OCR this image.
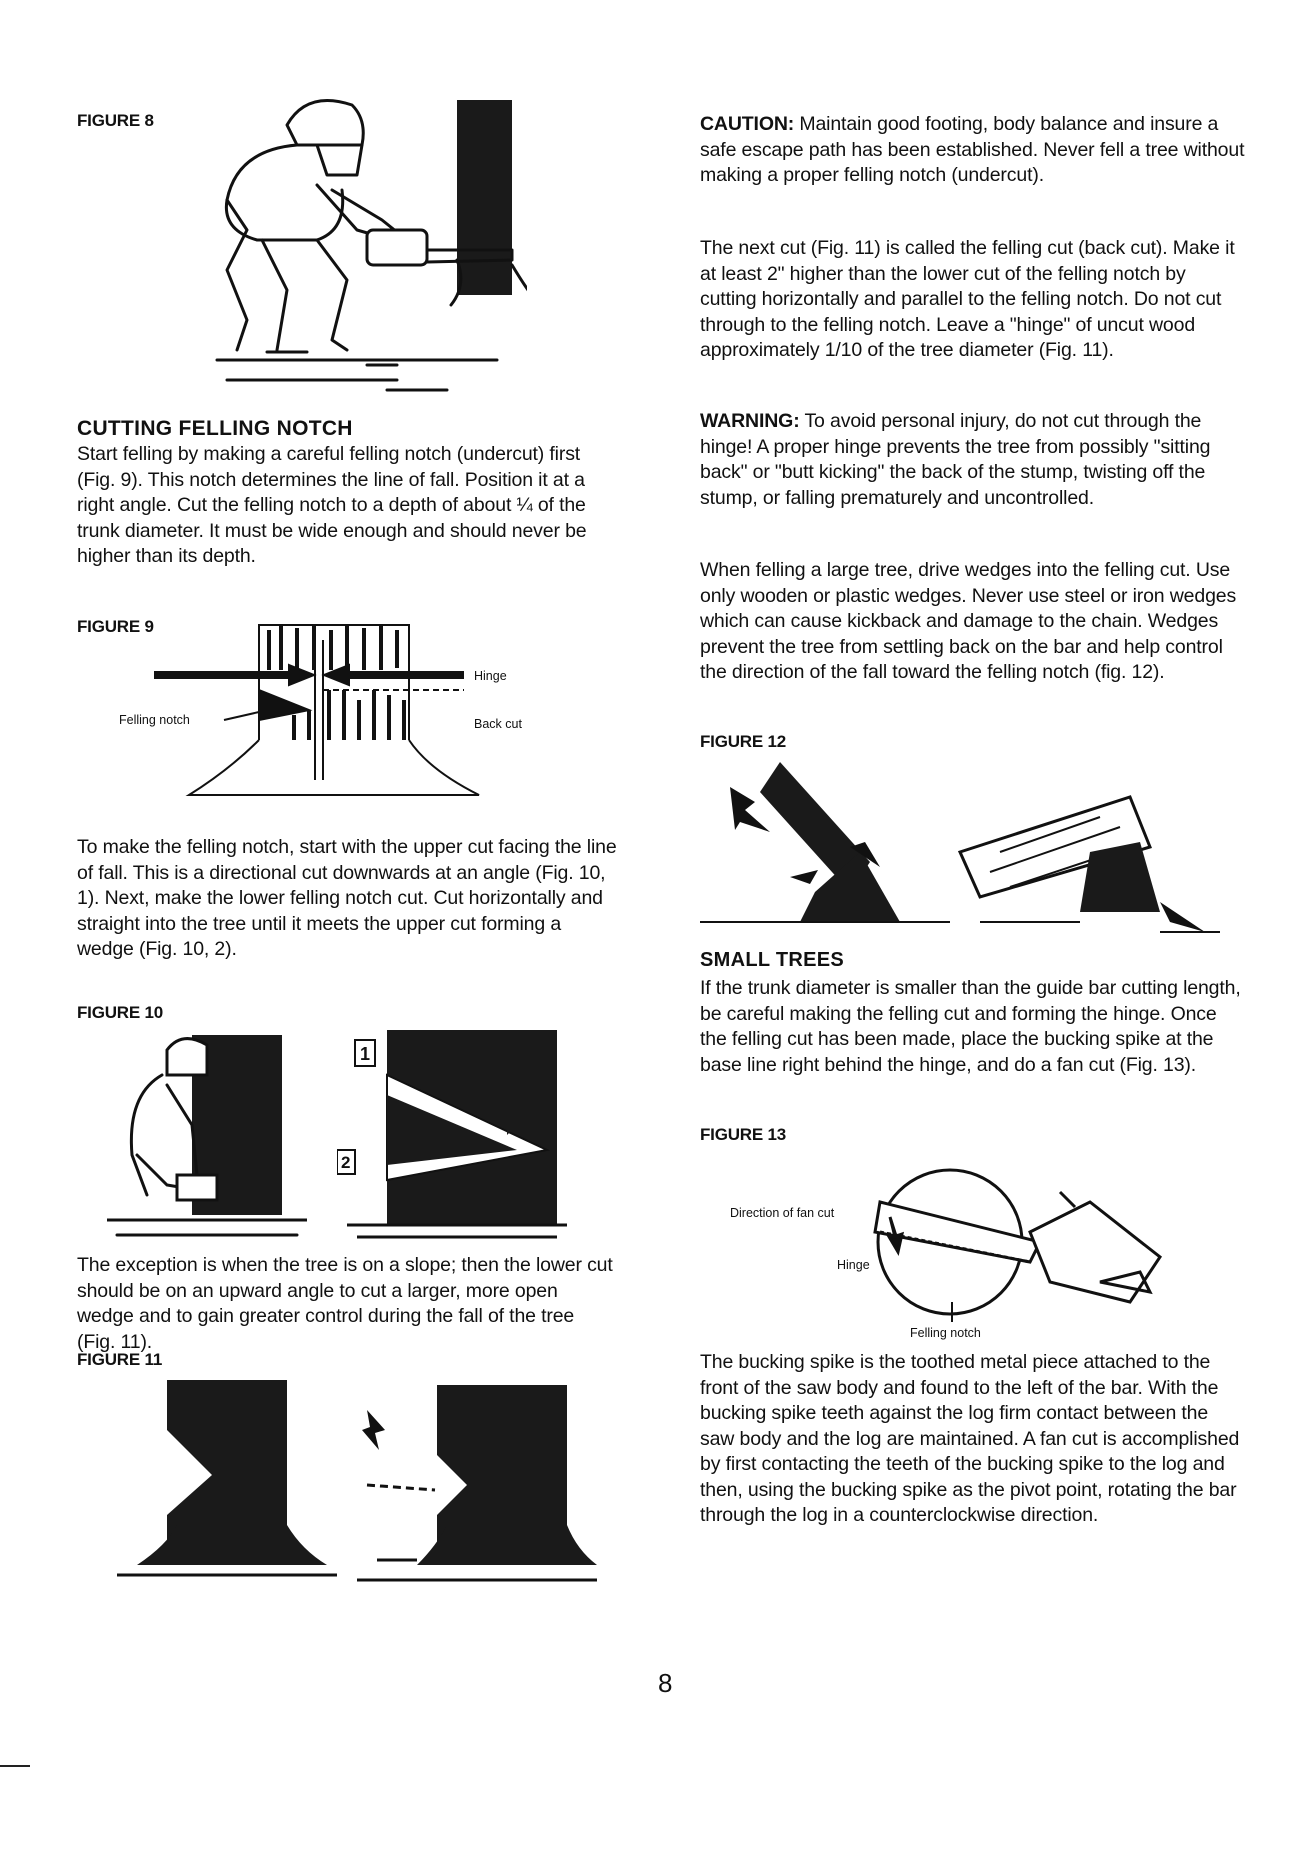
FIGURE 8
CUTTING FELLING NOTCH

Start felling by making a careful felling notch (undercut) first (Fig. 9). This notch determines the line of fall. Position it at a right angle. Cut the felling notch to a depth of about ¼ of the trunk diameter. It must be wide enough and should never be higher than its depth.

FIGURE 9
Hinge
Felling notch	Back cut

To make the felling notch, start with the upper cut facing the line of fall. This is a directional cut downwards at an angle (Fig. 10, 1). Next, make the lower felling notch cut. Cut horizontally and straight into the tree until it meets the upper cut forming a wedge (Fig. 10, 2).

FIGURE 10
1
2

The exception is when the tree is on a slope; then the lower cut should be on an upward angle to cut a larger, more open wedge and to gain greater control during the fall of the tree (Fig. 11).

FIGURE 11

CAUTION: Maintain good footing, body balance and insure a safe escape path has been established. Never fell a tree without making a proper felling notch (undercut).

The next cut (Fig. 11) is called the felling cut (back cut). Make it at least 2" higher than the lower cut of the felling notch by cutting horizontally and parallel to the felling notch. Do not cut through to the felling notch. Leave a "hinge" of uncut wood approximately 1/10 of the tree diameter (Fig. 11).

WARNING: To avoid personal injury, do not cut through the hinge! A proper hinge prevents the tree from possibly "sitting back" or "butt kicking" the back of the stump, twisting off the stump, or falling prematurely and uncontrolled.

When felling a large tree, drive wedges into the felling cut. Use only wooden or plastic wedges. Never use steel or iron wedges which can cause kickback and damage to the chain. Wedges prevent the tree from settling back on the bar and help control the direction of the fall toward the felling notch (fig. 12).

FIGURE 12
SMALL TREES

If the trunk diameter is smaller than the guide bar cutting length, be careful making the felling cut and forming the hinge. Once the felling cut has been made, place the bucking spike at the base line right behind the hinge, and do a fan cut (Fig. 13).

FIGURE 13
Direction of fan cut
Hinge
Felling notch

The bucking spike is the toothed metal piece attached to the front of the saw body and found to the left of the bar. With the bucking spike teeth against the log firm contact between the saw body and the log are maintained. A fan cut is accomplished by first contacting the teeth of the bucking spike to the log and then, using the bucking spike as the pivot point, rotating the bar through the log in a counterclockwise direction.

8
